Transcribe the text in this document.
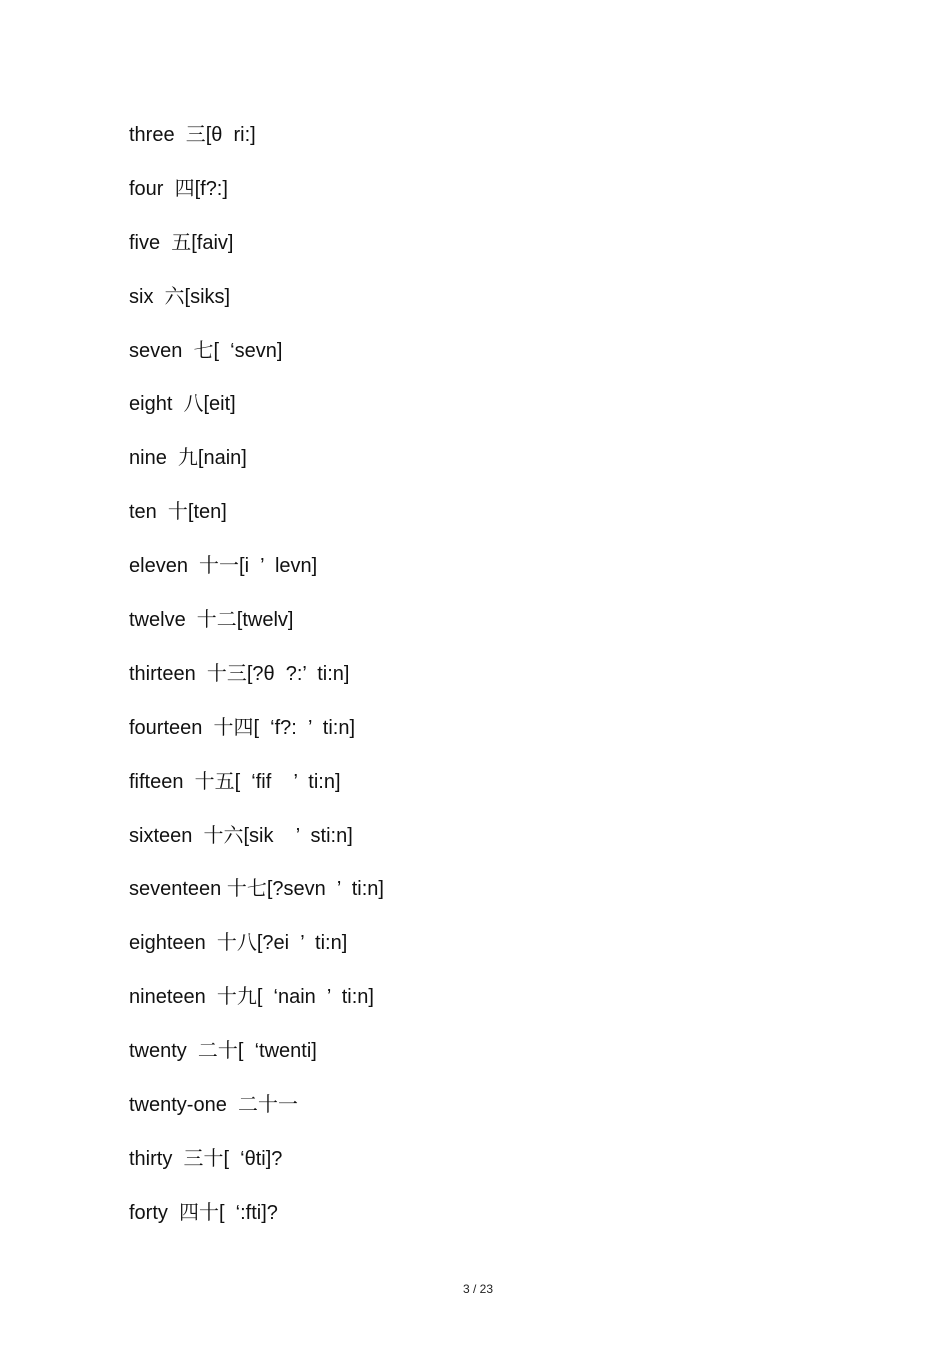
three  三[θ  ri:]
four  四[f?:]
five  五[faiv]
six  六[siks]
seven  七[  ‘sevn]
eight  八[eit]
nine  九[nain]
ten  十[ten]
eleven  十一[i  ’  levn]
twelve  十二[twelv]
thirteen  十三[?θ  ?:’  ti:n]
fourteen  十四[  ‘f?:  ’  ti:n]
fifteen  十五[  ‘fif    ’  ti:n]
sixteen  十六[sik    ’  sti:n]
seventeen 十七[?sevn  ’  ti:n]
eighteen  十八[?ei  ’  ti:n]
nineteen  十九[  ‘nain  ’  ti:n]
twenty  二十[  ‘twenti]
twenty-one  二十一
thirty  三十[  ‘θti]?
forty  四十[  ‘:fti]?
3 / 23
